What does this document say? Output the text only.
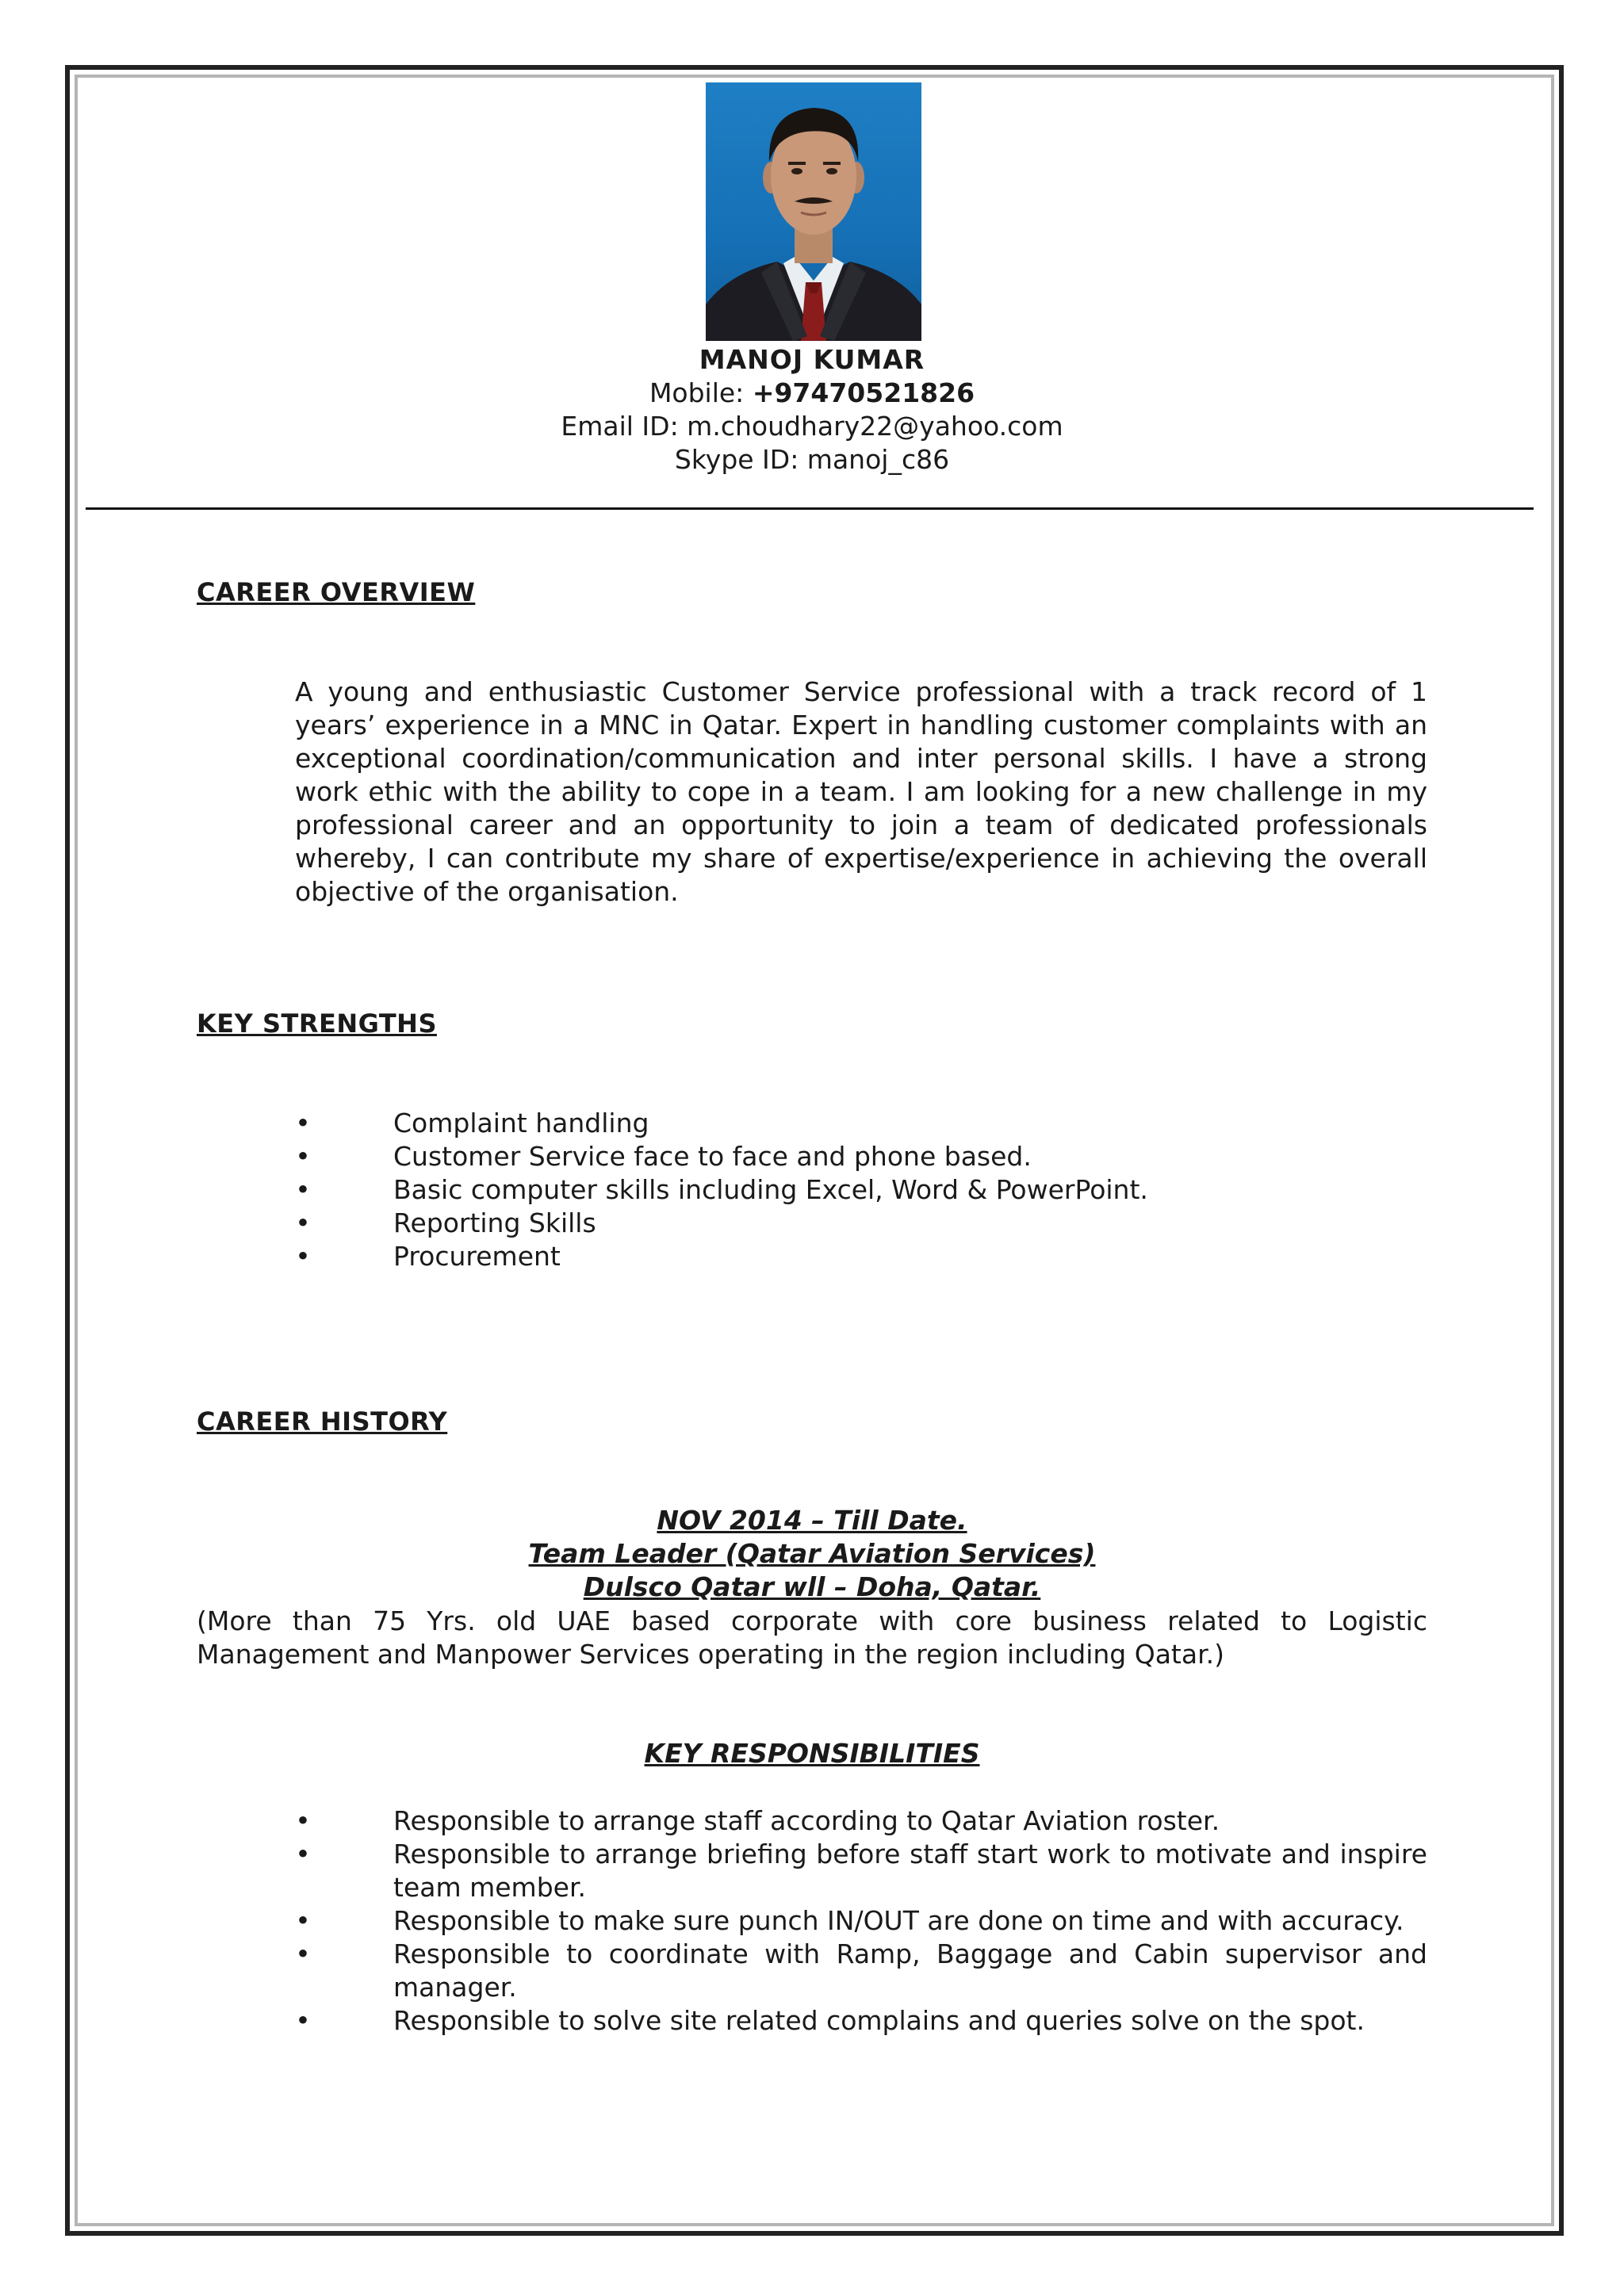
MANOJ KUMAR
Mobile: +97470521826
Email ID: m.choudhary22@yahoo.com
Skype ID: manoj_c86
CAREER OVERVIEW
A young and enthusiastic Customer Service professional with a track record of 1 years’ experience in a MNC in Qatar. Expert in handling customer complaints with an exceptional coordination/communication and inter personal skills. I have a strong work ethic with the ability to cope in a team. I am looking for a new challenge in my professional career and an opportunity to join a team of dedicated professionals whereby, I can contribute my share of expertise/experience in achieving the overall objective of the organisation.
KEY STRENGTHS
•	Complaint handling
•	Customer Service face to face and phone based.
•	Basic computer skills including Excel, Word & PowerPoint.
•	Reporting Skills
•	Procurement
CAREER HISTORY
NOV 2014 – Till Date.
Team Leader (Qatar Aviation Services)
Dulsco Qatar wll – Doha, Qatar.
(More than 75 Yrs. old UAE based corporate with core business related to Logistic Management and Manpower Services operating in the region including Qatar.)
KEY RESPONSIBILITIES
•	Responsible to arrange staff according to Qatar Aviation roster.
•	Responsible to arrange briefing before staff start work to motivate and inspire team member.
•	Responsible to make sure punch IN/OUT are done on time and with accuracy.
•	Responsible to coordinate with Ramp, Baggage and Cabin supervisor and manager.
•	Responsible to solve site related complains and queries solve on the spot.
